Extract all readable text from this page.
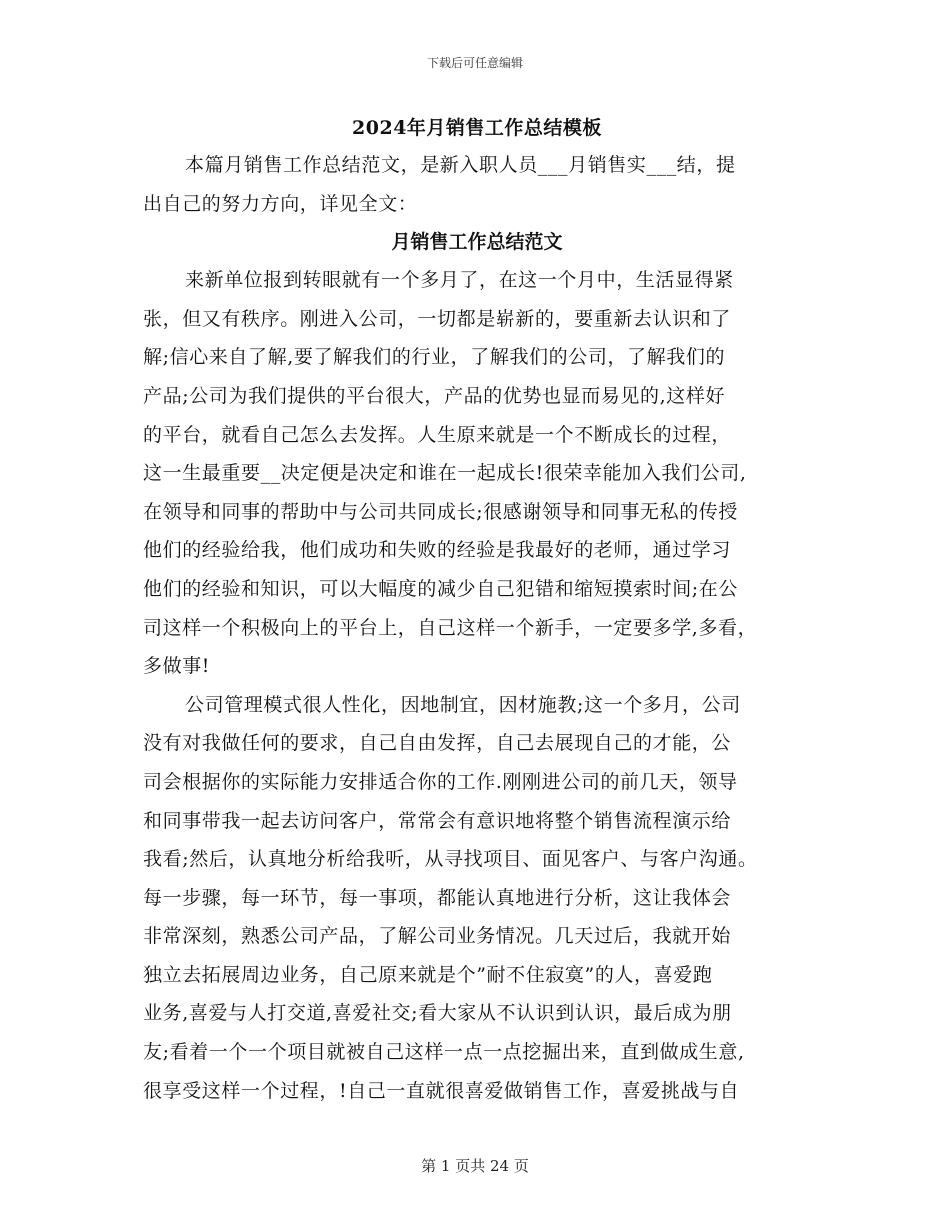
下载后可任意编辑
2024年月销售工作总结模板
本篇月销售工作总结范文，是新入职人员___月销售实___结，提
出自己的努力方向，详见全文：
月销售工作总结范文
来新单位报到转眼就有一个多月了，在这一个月中，生活显得紧
张，但又有秩序。刚进入公司，一切都是崭新的，要重新去认识和了
解;信心来自了解,要了解我们的行业，了解我们的公司，了解我们的
产品;公司为我们提供的平台很大，产品的优势也显而易见的,这样好
的平台，就看自己怎么去发挥。人生原来就是一个不断成长的过程，
这一生最重要__决定便是决定和谁在一起成长!很荣幸能加入我们公司,
在领导和同事的帮助中与公司共同成长;很感谢领导和同事无私的传授
他们的经验给我，他们成功和失败的经验是我最好的老师，通过学习
他们的经验和知识，可以大幅度的减少自己犯错和缩短摸索时间;在公
司这样一个积极向上的平台上，自己这样一个新手，一定要多学,多看，
多做事!
公司管理模式很人性化，因地制宜，因材施教;这一个多月，公司
没有对我做任何的要求，自己自由发挥，自己去展现自己的才能，公
司会根据你的实际能力安排适合你的工作.刚刚进公司的前几天，领导
和同事带我一起去访问客户，常常会有意识地将整个销售流程演示给
我看;然后，认真地分析给我听，从寻找项目、面见客户、与客户沟通。
每一步骤，每一环节，每一事项，都能认真地进行分析，这让我体会
非常深刻，熟悉公司产品，了解公司业务情况。几天过后，我就开始
独立去拓展周边业务，自己原来就是个”耐不住寂寞”的人，喜爱跑
业务,喜爱与人打交道,喜爱社交;看大家从不认识到认识，最后成为朋
友;看着一个一个项目就被自己这样一点一点挖掘出来，直到做成生意,
很享受这样一个过程，!自己一直就很喜爱做销售工作，喜爱挑战与自
第 1 页共 24 页
